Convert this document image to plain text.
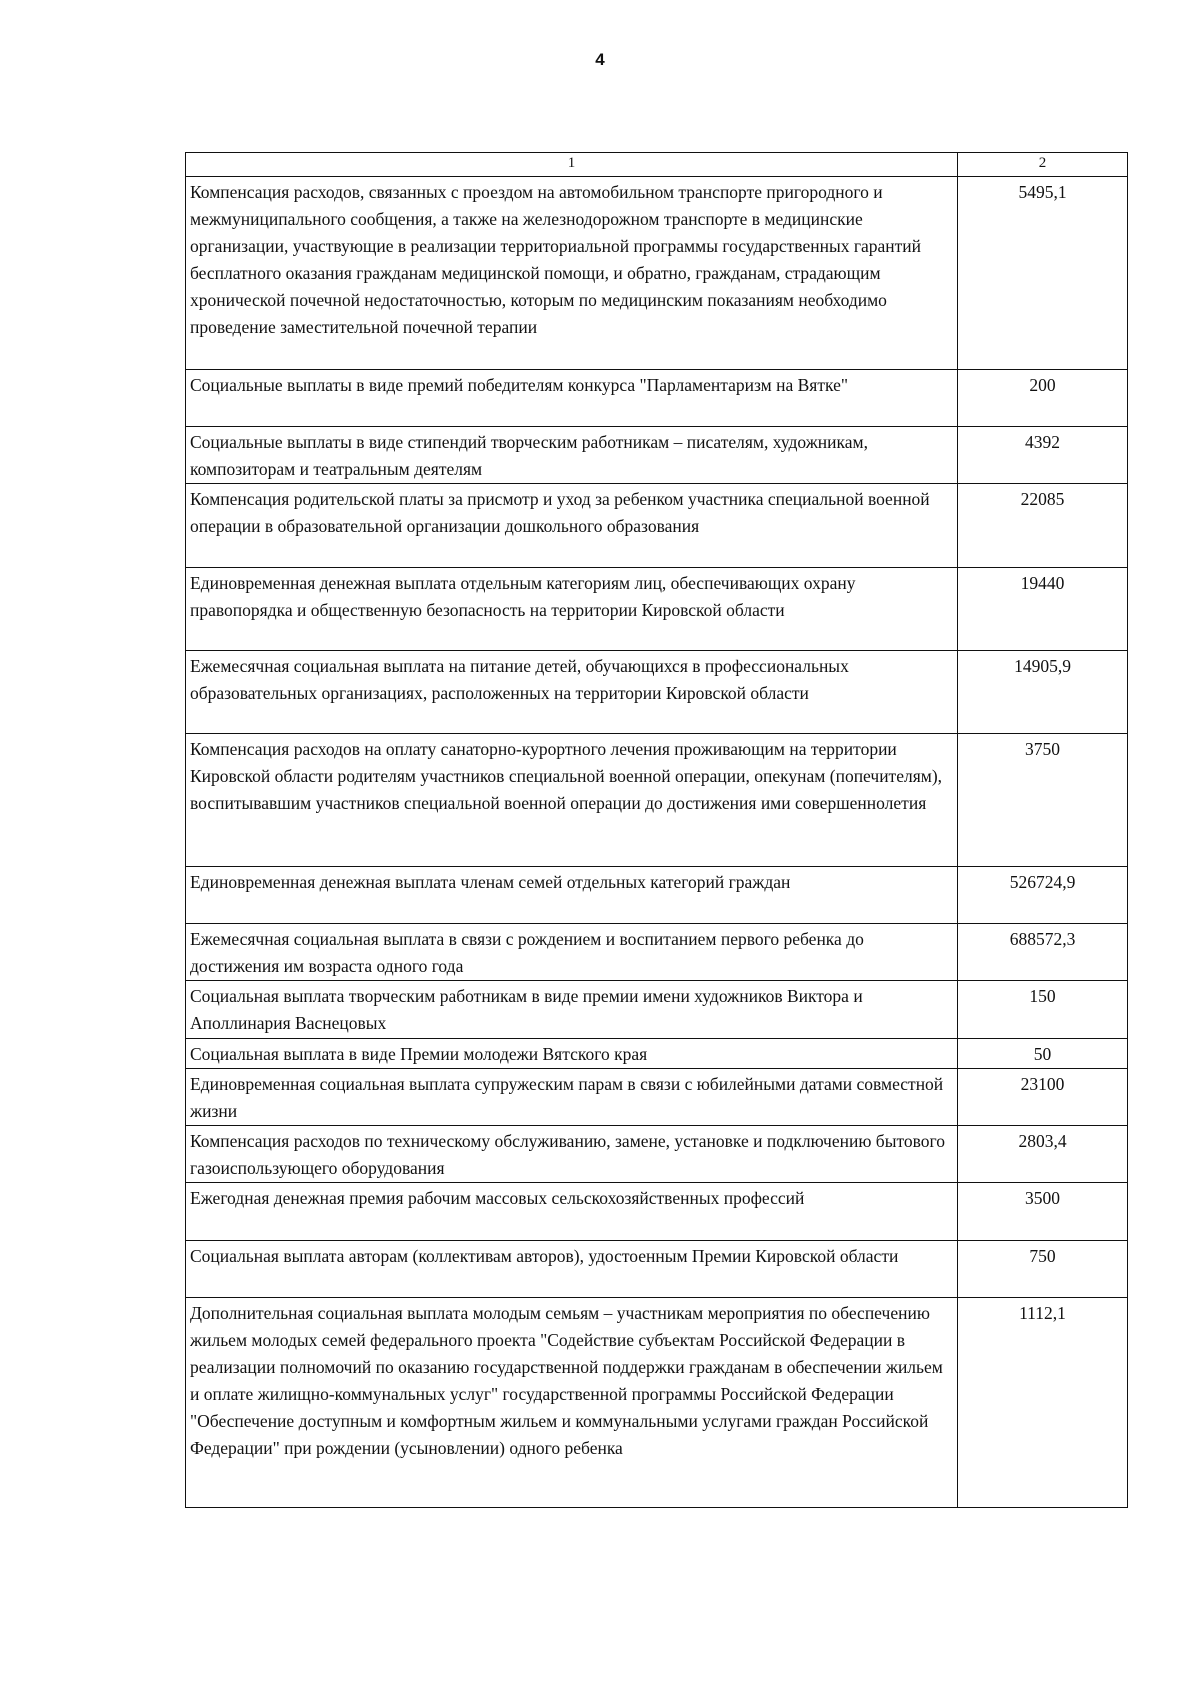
4
1	2
Компенсация расходов, связанных с проездом на автомобильном транспорте пригородного и межмуниципального сообщения, а также на железнодорожном транспорте в медицинские организации, участвующие в реализации территориальной программы государственных гарантий бесплатного оказания гражданам медицинской помощи, и обратно, гражданам, страдающим хронической почечной недостаточностью, которым по медицинским показаниям необходимо проведение заместительной почечной терапии	5495,1
Социальные выплаты в виде премий победителям конкурса "Парламентаризм на Вятке"	200
Социальные выплаты в виде стипендий творческим работникам – писателям, художникам, композиторам и театральным деятелям	4392
Компенсация родительской платы за присмотр и уход за ребенком участника специальной военной операции в образовательной организации дошкольного образования	22085
Единовременная денежная выплата отдельным категориям лиц, обеспечивающих охрану правопорядка и общественную безопасность на территории Кировской области	19440
Ежемесячная социальная выплата на питание детей, обучающихся в профессиональных образовательных организациях, расположенных на территории Кировской области	14905,9
Компенсация расходов на оплату санаторно-курортного лечения проживающим на территории Кировской области родителям участников специальной военной операции, опекунам (попечителям), воспитывавшим участников специальной военной операции до достижения ими совершеннолетия	3750
Единовременная денежная выплата членам семей отдельных категорий граждан	526724,9
Ежемесячная социальная выплата в связи с рождением и воспитанием первого ребенка до достижения им возраста одного года	688572,3
Социальная выплата творческим работникам в виде премии имени художников Виктора и Аполлинария Васнецовых	150
Социальная выплата в виде Премии молодежи Вятского края	50
Единовременная социальная выплата супружеским парам в связи с юбилейными датами совместной жизни	23100
Компенсация расходов по техническому обслуживанию, замене, установке и подключению бытового газоиспользующего оборудования	2803,4
Ежегодная денежная премия рабочим массовых сельскохозяйственных профессий	3500
Социальная выплата авторам (коллективам авторов), удостоенным Премии Кировской области	750
Дополнительная социальная выплата молодым семьям – участникам мероприятия по обеспечению жильем молодых семей федерального проекта "Содействие субъектам Российской Федерации в реализации полномочий по оказанию государственной поддержки гражданам в обеспечении жильем и оплате жилищно-коммунальных услуг" государственной программы Российской Федерации "Обеспечение доступным и комфортным жильем и коммунальными услугами граждан Российской Федерации" при рождении (усыновлении) одного ребенка	1112,1
